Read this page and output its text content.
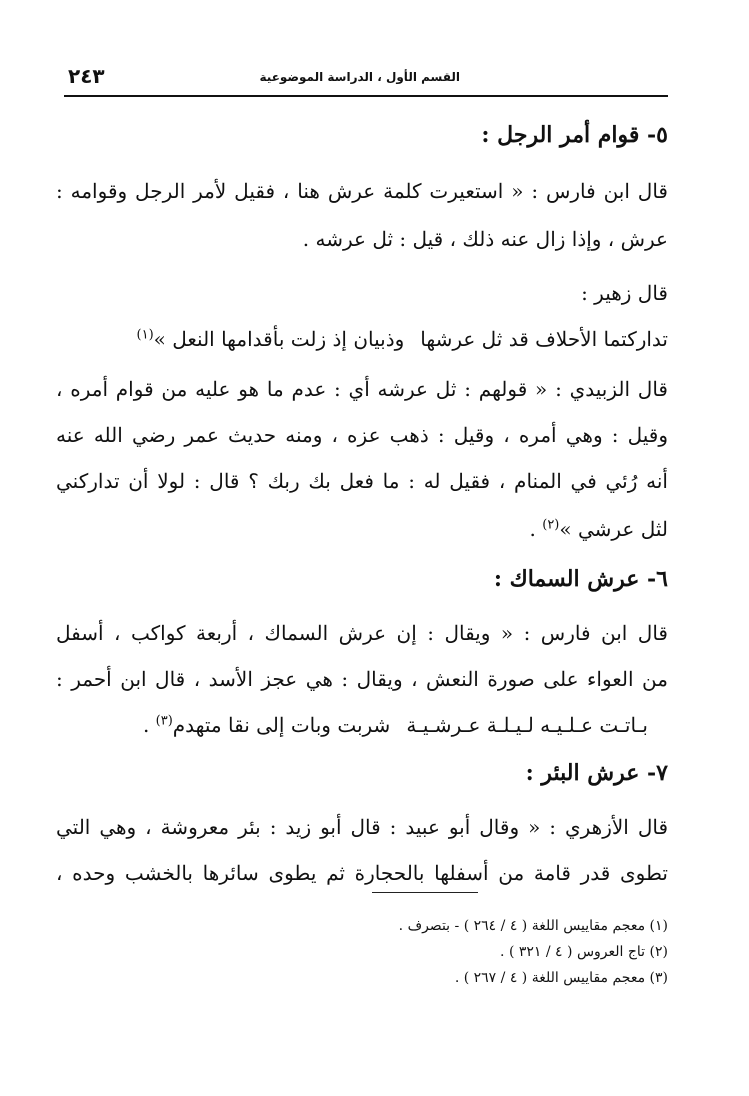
القسم الأول ، الدراسة الموضوعية
٢٤٣
٥- قوام أمر الرجل :
قال ابن فارس : « استعيرت كلمة عرش هنا ، فقيل لأمر الرجل وقوامه :
عرش ، وإذا زال عنه ذلك ، قيل : ثل عرشه .
قال زهير :
تداركتما الأحلاف قد ثل عرشهاوذبيان إذ زلت بأقدامها النعل »$^{(١)}$
قال الزبيدي : « قولهم : ثل عرشه أي : عدم ما هو عليه من قوام أمره ،
وقيل : وهي أمره ، وقيل : ذهب عزه ، ومنه حديث عمر رضي الله عنه
أنه رُئي في المنام ، فقيل له : ما فعل بك ربك ؟ قال : لولا أن تداركني
لثل عرشي »$^{(٢)}$ .
٦- عرش السماك :
قال ابن فارس : « ويقال : إن عرش السماك ، أربعة كواكب ، أسفل
من العواء على صورة النعش ، ويقال : هي عجز الأسد ، قال ابن أحمر :
بـاتـت عـلـيـه لـيـلـة عـرشـيـةشربت وبات إلى نقا متهدم$^{(٣)}$ .
٧- عرش البئر :
قال الأزهري : « وقال أبو عبيد : قال أبو زيد : بئر معروشة ، وهي التي
تطوى قدر قامة من أسفلها بالحجارة ثم يطوى سائرها بالخشب وحده ،
(١) معجم مقاييس اللغة ( ٤ / ٢٦٤ ) - بتصرف .
(٢) تاج العروس ( ٤ / ٣٢١ ) .
(٣) معجم مقاييس اللغة ( ٤ / ٢٦٧ ) .
